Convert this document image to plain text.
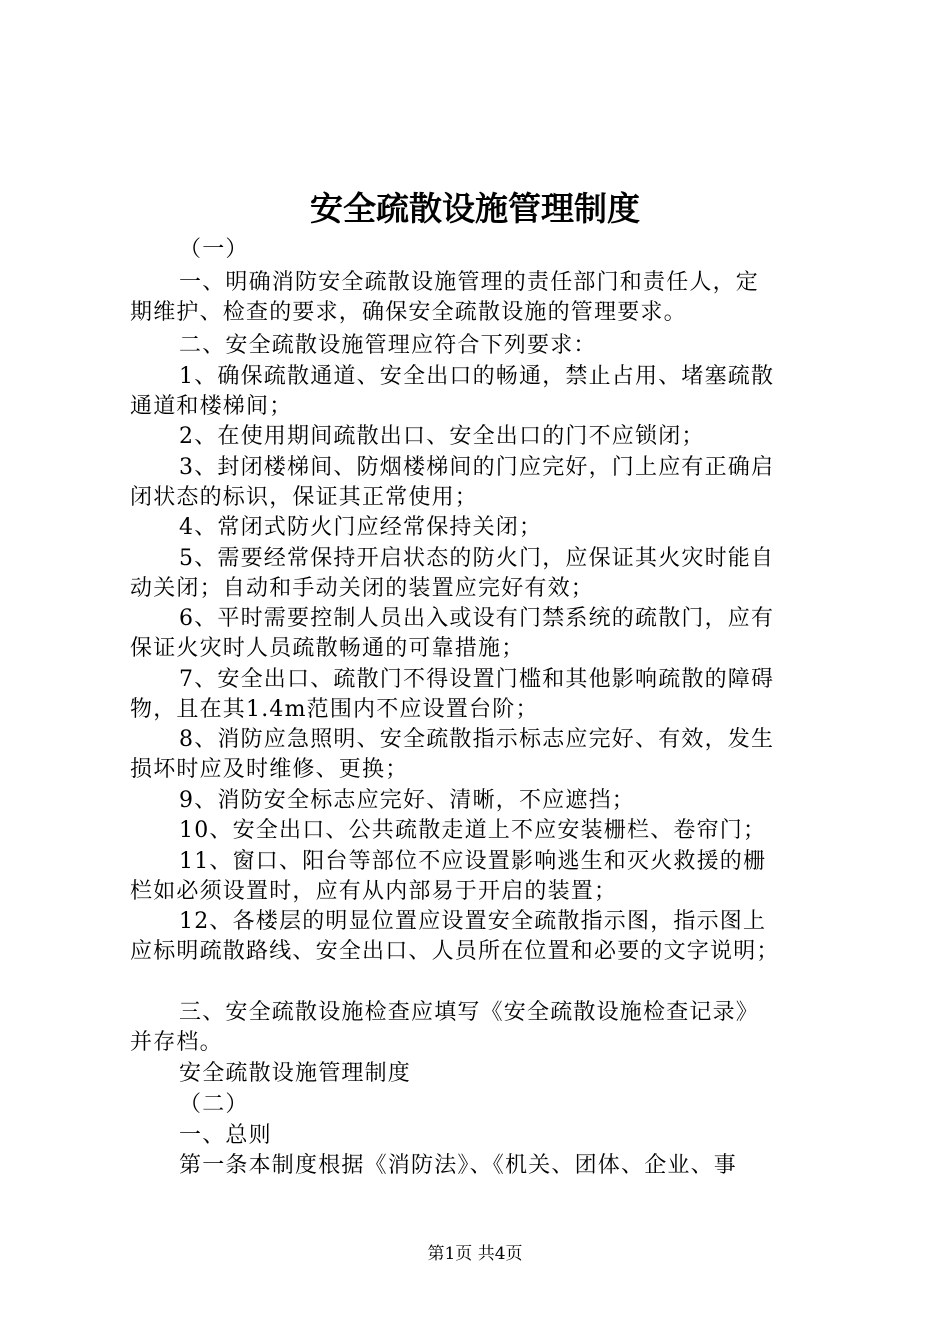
安全疏散设施管理制度
（一）
一、明确消防安全疏散设施管理的责任部门和责任人，定
期维护、检查的要求，确保安全疏散设施的管理要求。
二、安全疏散设施管理应符合下列要求：
1、确保疏散通道、安全出口的畅通，禁止占用、堵塞疏散
通道和楼梯间；
2、在使用期间疏散出口、安全出口的门不应锁闭；
3、封闭楼梯间、防烟楼梯间的门应完好，门上应有正确启
闭状态的标识，保证其正常使用；
4、常闭式防火门应经常保持关闭；
5、需要经常保持开启状态的防火门，应保证其火灾时能自
动关闭；自动和手动关闭的装置应完好有效；
6、平时需要控制人员出入或设有门禁系统的疏散门，应有
保证火灾时人员疏散畅通的可靠措施；
7、安全出口、疏散门不得设置门槛和其他影响疏散的障碍
物，且在其1.4m范围内不应设置台阶；
8、消防应急照明、安全疏散指示标志应完好、有效，发生
损坏时应及时维修、更换；
9、消防安全标志应完好、清晰，不应遮挡；
10、安全出口、公共疏散走道上不应安装栅栏、卷帘门；
11、窗口、阳台等部位不应设置影响逃生和灭火救援的栅
栏如必须设置时，应有从内部易于开启的装置；
12、各楼层的明显位置应设置安全疏散指示图，指示图上
应标明疏散路线、安全出口、人员所在位置和必要的文字说明；
三、安全疏散设施检查应填写《安全疏散设施检查记录》
并存档。
安全疏散设施管理制度
（二）
一、总则
第一条本制度根据《消防法》、《机关、团体、企业、事
第1页 共4页
